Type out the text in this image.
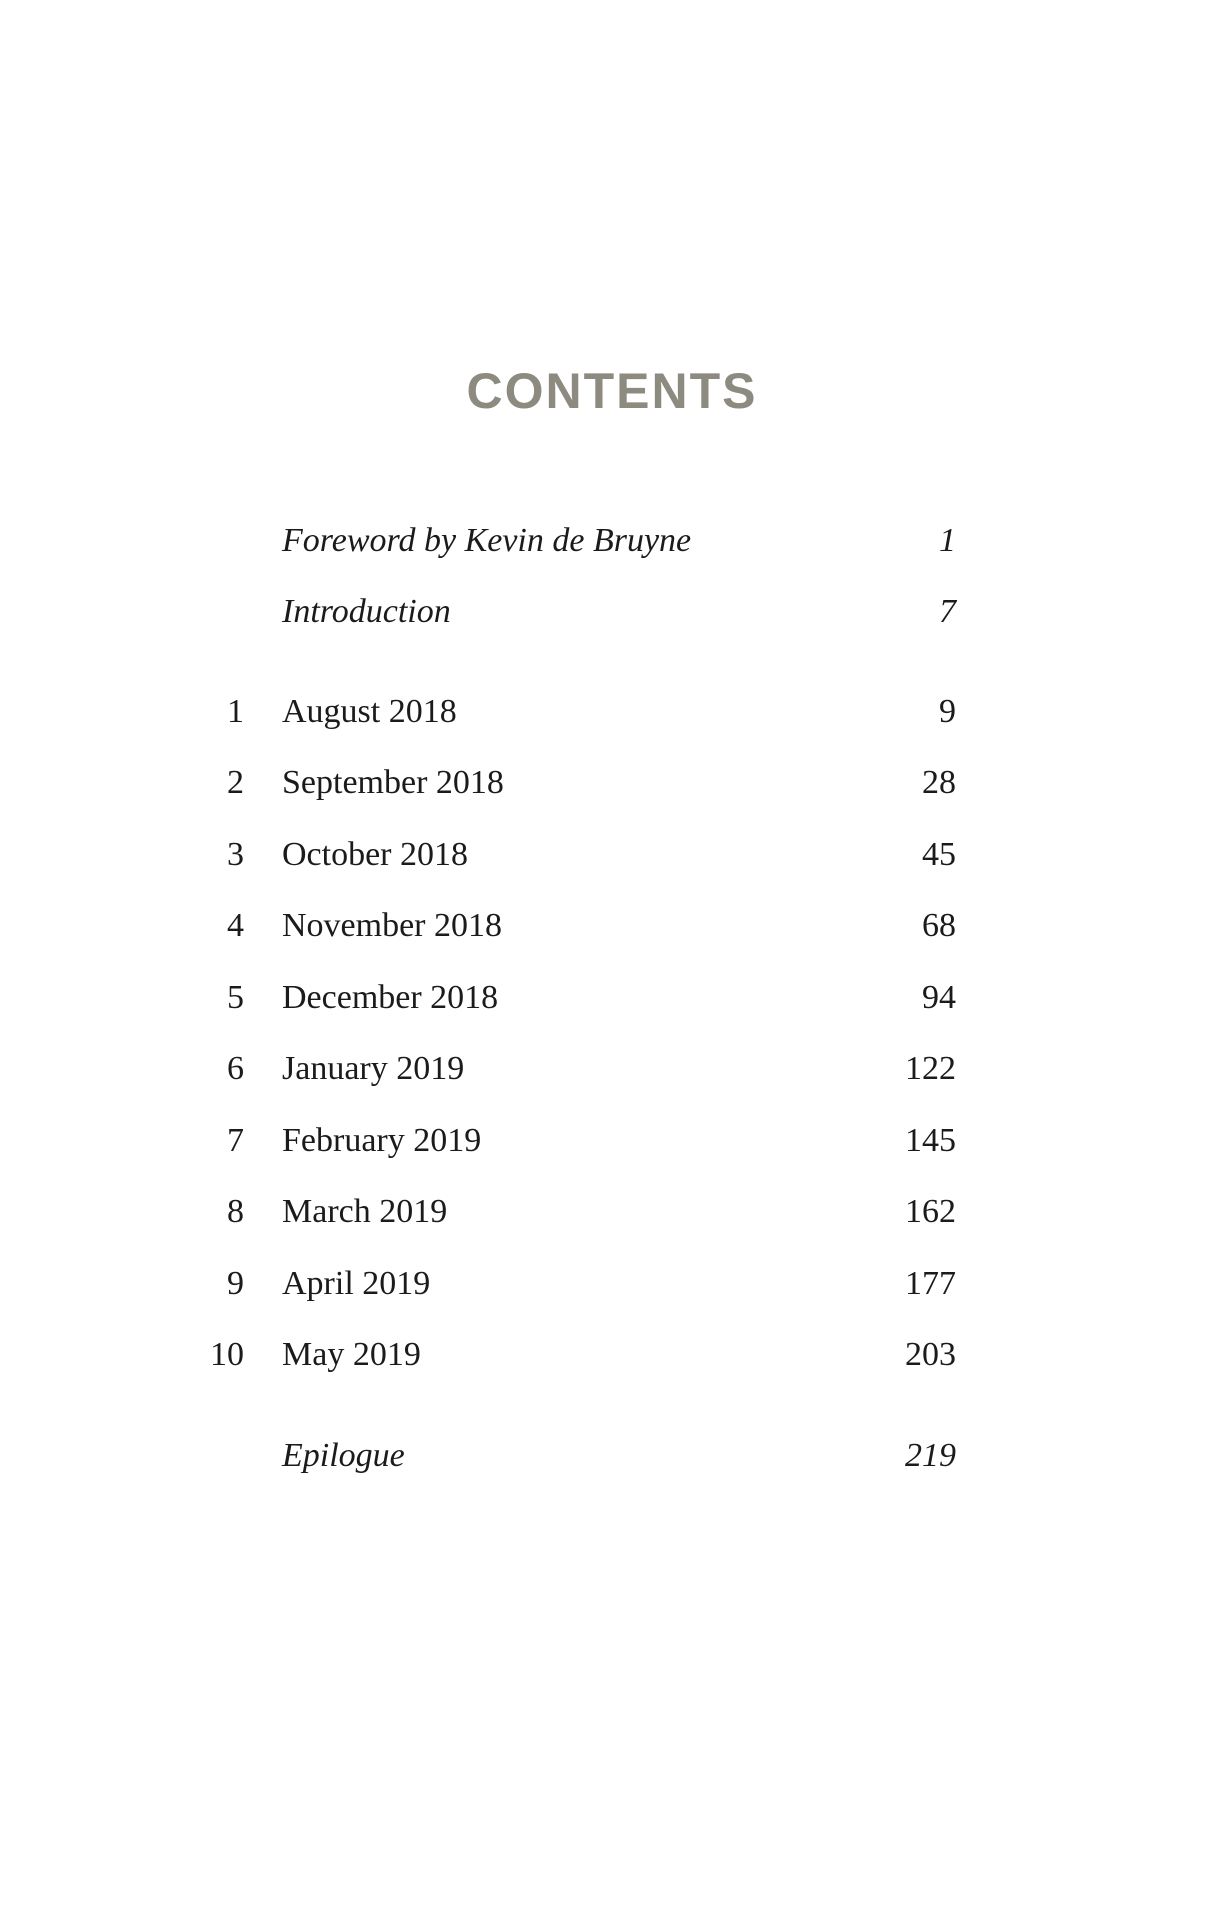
CONTENTS
Foreword by Kevin de Bruyne	1
Introduction	7
1 August 2018	9
2 September 2018	28
3 October 2018	45
4 November 2018	68
5 December 2018	94
6 January 2019	122
7 February 2019	145
8 March 2019	162
9 April 2019	177
10 May 2019	203
Epilogue	219
